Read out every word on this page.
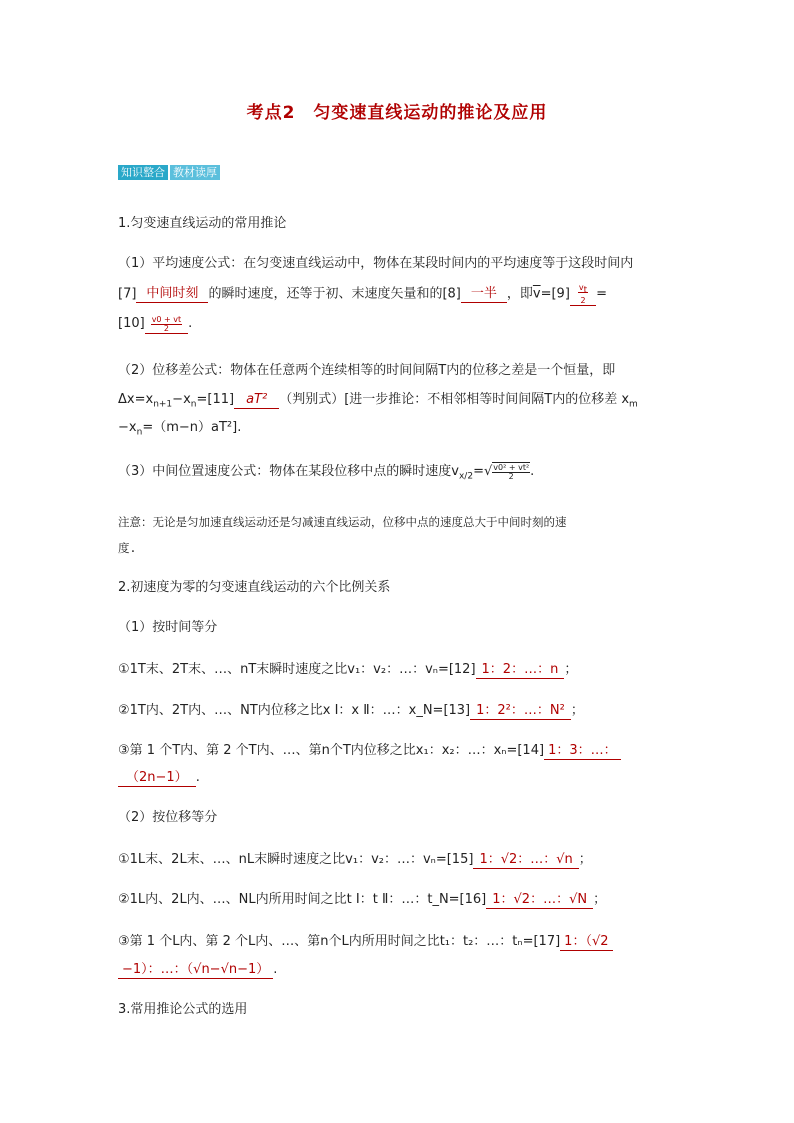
考点2　匀变速直线运动的推论及应用
知识整合 教材读厚
1.匀变速直线运动的常用推论
（1）平均速度公式：在匀变速直线运动中，物体在某段时间内的平均速度等于这段时间内
[7] 中间时刻 的瞬时速度，还等于初、末速度矢量和的[8] 一半 ，即$\overline{v}=[9] \frac{v_t}{2}$ =
$[10] \frac{v0 + vt}{2}$ .
（2）位移差公式：物体在任意两个连续相等的时间间隔T内的位移之差是一个恒量，即
$\Delta x=x_{n+1}-x_n=[11]$ aT² （判别式）[进一步推论：不相邻相等时间间隔T内的位移差 $x_m$
$-x_n=(m-n)aT^2$].
（3）中间位置速度公式：物体在某段位移中点的瞬时速度$v_{x/2}=√\frac{\text{v0² + vt²}}{2}$.
注意：无论是匀加速直线运动还是匀减速直线运动，位移中点的速度总大于中间时刻的速
度.
2.初速度为零的匀变速直线运动的六个比例关系
（1）按时间等分
①1T末、2T末、…、nT末瞬时速度之比v₁：v₂：…：vₙ=[12] 1：2：…：n ；
②1T内、2T内、…、NT内位移之比x Ⅰ：x Ⅱ：…：x_N=[13] 1：2²：…：N² ；
③第 1 个T内、第 2 个T内、…、第n个T内位移之比x₁：x₂：…：xₙ=[14] 1：3：…：
（2n−1） .
（2）按位移等分
①1L末、2L末、…、nL末瞬时速度之比v₁：v₂：…：vₙ=[15] 1：√2：…：√n ；
②1L内、2L内、…、NL内所用时间之比t Ⅰ：t Ⅱ：…：t_N=[16] 1：√2：…：√N ；
③第 1 个L内、第 2 个L内、…、第n个L内所用时间之比t₁：t₂：…：tₙ=[17] 1：（√2
−1）：…：（√n−√n−1） .
3.常用推论公式的选用
